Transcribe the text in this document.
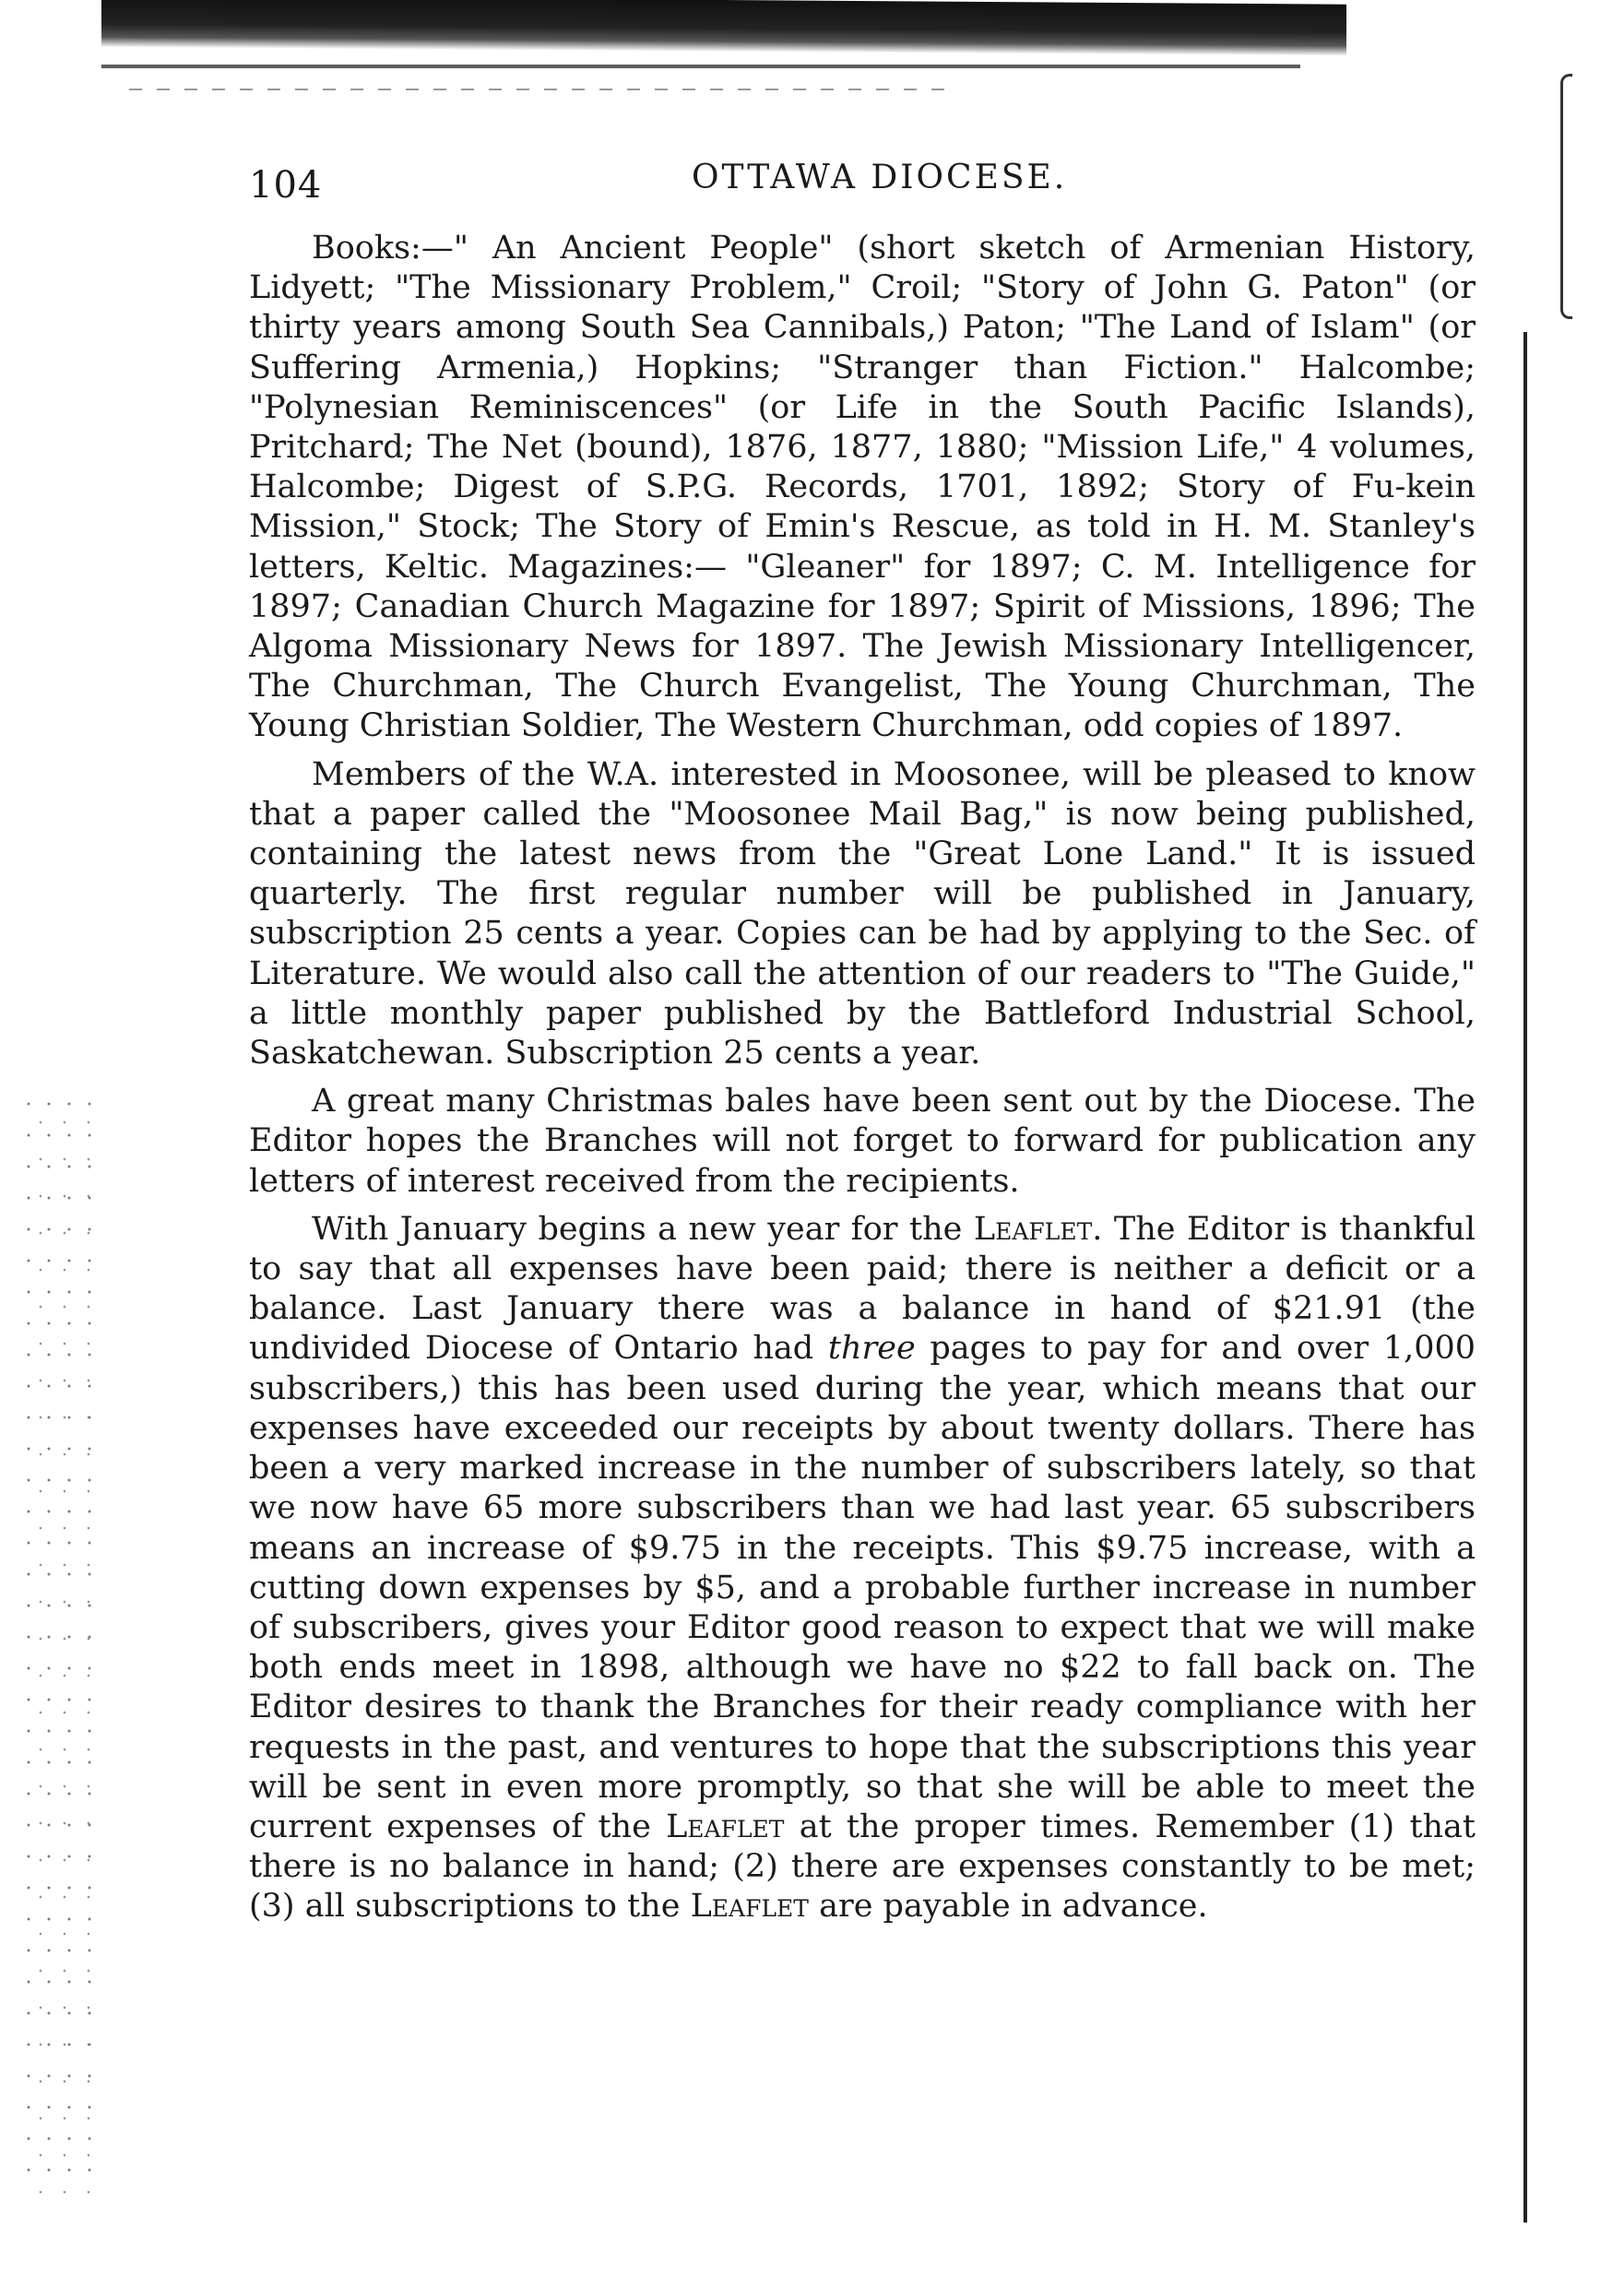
104	OTTAWA DIOCESE.

Books:—" An Ancient People" (short sketch of Armenian History, Lidyett; "The Missionary Problem," Croil; "Story of John G. Paton" (or thirty years among South Sea Cannibals,) Paton; "The Land of Islam" (or Suffering Armenia,) Hopkins; "Stranger than Fiction." Halcombe; "Polynesian Reminiscences" (or Life in the South Pacific Islands), Pritchard; The Net (bound), 1876, 1877, 1880; "Mission Life," 4 volumes, Halcombe; Digest of S.P.G. Records, 1701, 1892; Story of Fu-kein Mission," Stock; The Story of Emin's Rescue, as told in H. M. Stanley's letters, Keltic. Magazines:— "Gleaner" for 1897; C. M. Intelligence for 1897; Canadian Church Magazine for 1897; Spirit of Missions, 1896; The Algoma Missionary News for 1897. The Jewish Missionary Intelligencer, The Churchman, The Church Evangelist, The Young Churchman, The Young Christian Soldier, The Western Churchman, odd copies of 1897.

Members of the W.A. interested in Moosonee, will be pleased to know that a paper called the "Moosonee Mail Bag," is now being published, containing the latest news from the "Great Lone Land." It is issued quarterly. The first regular number will be published in January, subscription 25 cents a year. Copies can be had by applying to the Sec. of Literature. We would also call the attention of our readers to "The Guide," a little monthly paper published by the Battleford Industrial School, Saskatchewan. Subscription 25 cents a year.

A great many Christmas bales have been sent out by the Diocese. The Editor hopes the Branches will not forget to forward for publication any letters of interest received from the recipients.

With January begins a new year for the Leaflet. The Editor is thankful to say that all expenses have been paid; there is neither a deficit or a balance. Last January there was a balance in hand of $21.91 (the undivided Diocese of Ontario had three pages to pay for and over 1,000 subscribers,) this has been used during the year, which means that our expenses have exceeded our receipts by about twenty dollars. There has been a very marked increase in the number of subscribers lately, so that we now have 65 more subscribers than we had last year. 65 subscribers means an increase of $9.75 in the receipts. This $9.75 increase, with a cutting down expenses by $5, and a probable further increase in number of subscribers, gives your Editor good reason to expect that we will make both ends meet in 1898, although we have no $22 to fall back on. The Editor desires to thank the Branches for their ready compliance with her requests in the past, and ventures to hope that the subscriptions this year will be sent in even more promptly, so that she will be able to meet the current expenses of the Leaflet at the proper times. Remember (1) that there is no balance in hand; (2) there are expenses constantly to be met; (3) all subscriptions to the Leaflet are payable in advance.
